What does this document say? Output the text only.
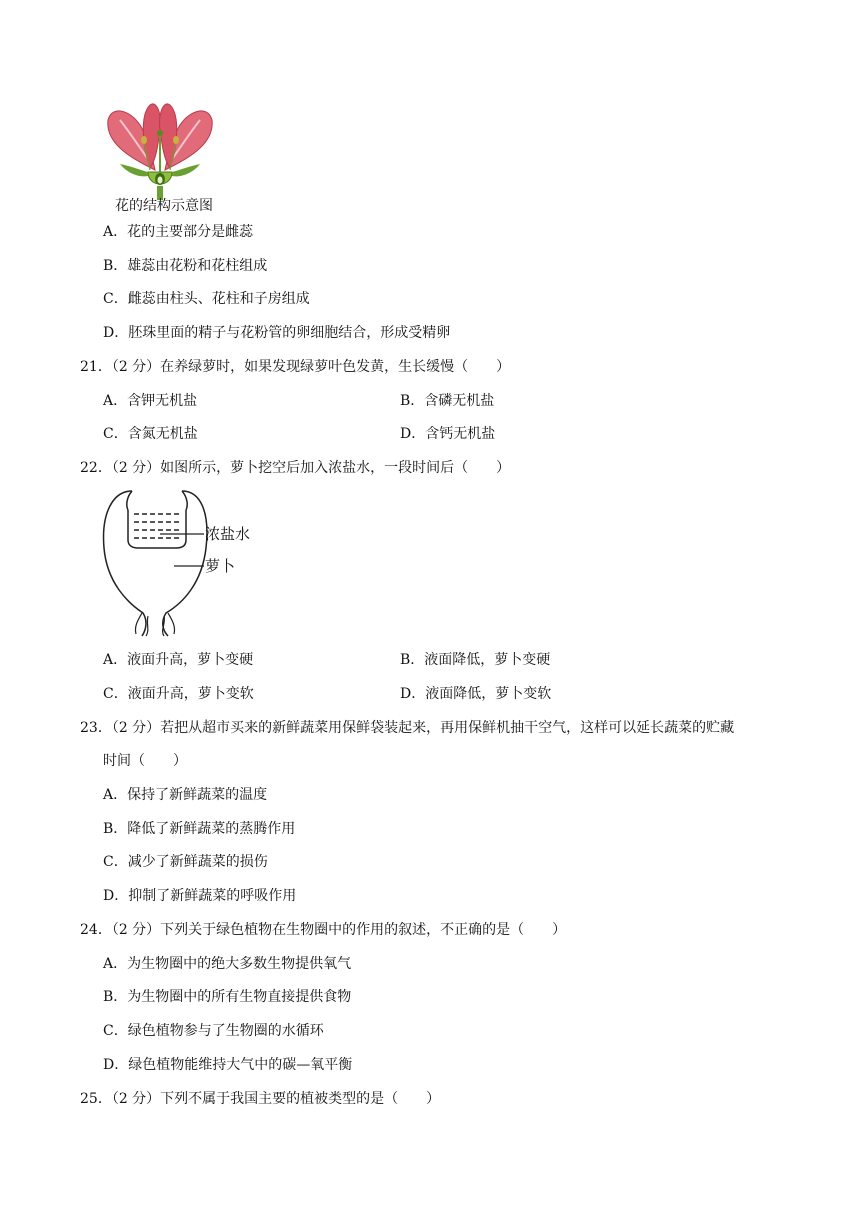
花的结构示意图
A．花的主要部分是雌蕊
B．雄蕊由花粉和花柱组成
C．雌蕊由柱头、花柱和子房组成
D．胚珠里面的精子与花粉管的卵细胞结合，形成受精卵
21．（2 分）在养绿萝时，如果发现绿萝叶色发黄，生长缓慢（　　）
A．含钾无机盐	B．含磷无机盐
C．含氮无机盐	D．含钙无机盐
22．（2 分）如图所示，萝卜挖空后加入浓盐水，一段时间后（　　）
浓盐水
萝卜
A．液面升高，萝卜变硬	B．液面降低，萝卜变硬
C．液面升高，萝卜变软	D．液面降低，萝卜变软
23．（2 分）若把从超市买来的新鲜蔬菜用保鲜袋装起来，再用保鲜机抽干空气，这样可以延长蔬菜的贮藏
时间（　　）
A．保持了新鲜蔬菜的温度
B．降低了新鲜蔬菜的蒸腾作用
C．减少了新鲜蔬菜的损伤
D．抑制了新鲜蔬菜的呼吸作用
24．（2 分）下列关于绿色植物在生物圈中的作用的叙述，不正确的是（　　）
A．为生物圈中的绝大多数生物提供氧气
B．为生物圈中的所有生物直接提供食物
C．绿色植物参与了生物圈的水循环
D．绿色植物能维持大气中的碳—氧平衡
25．（2 分）下列不属于我国主要的植被类型的是（　　）
